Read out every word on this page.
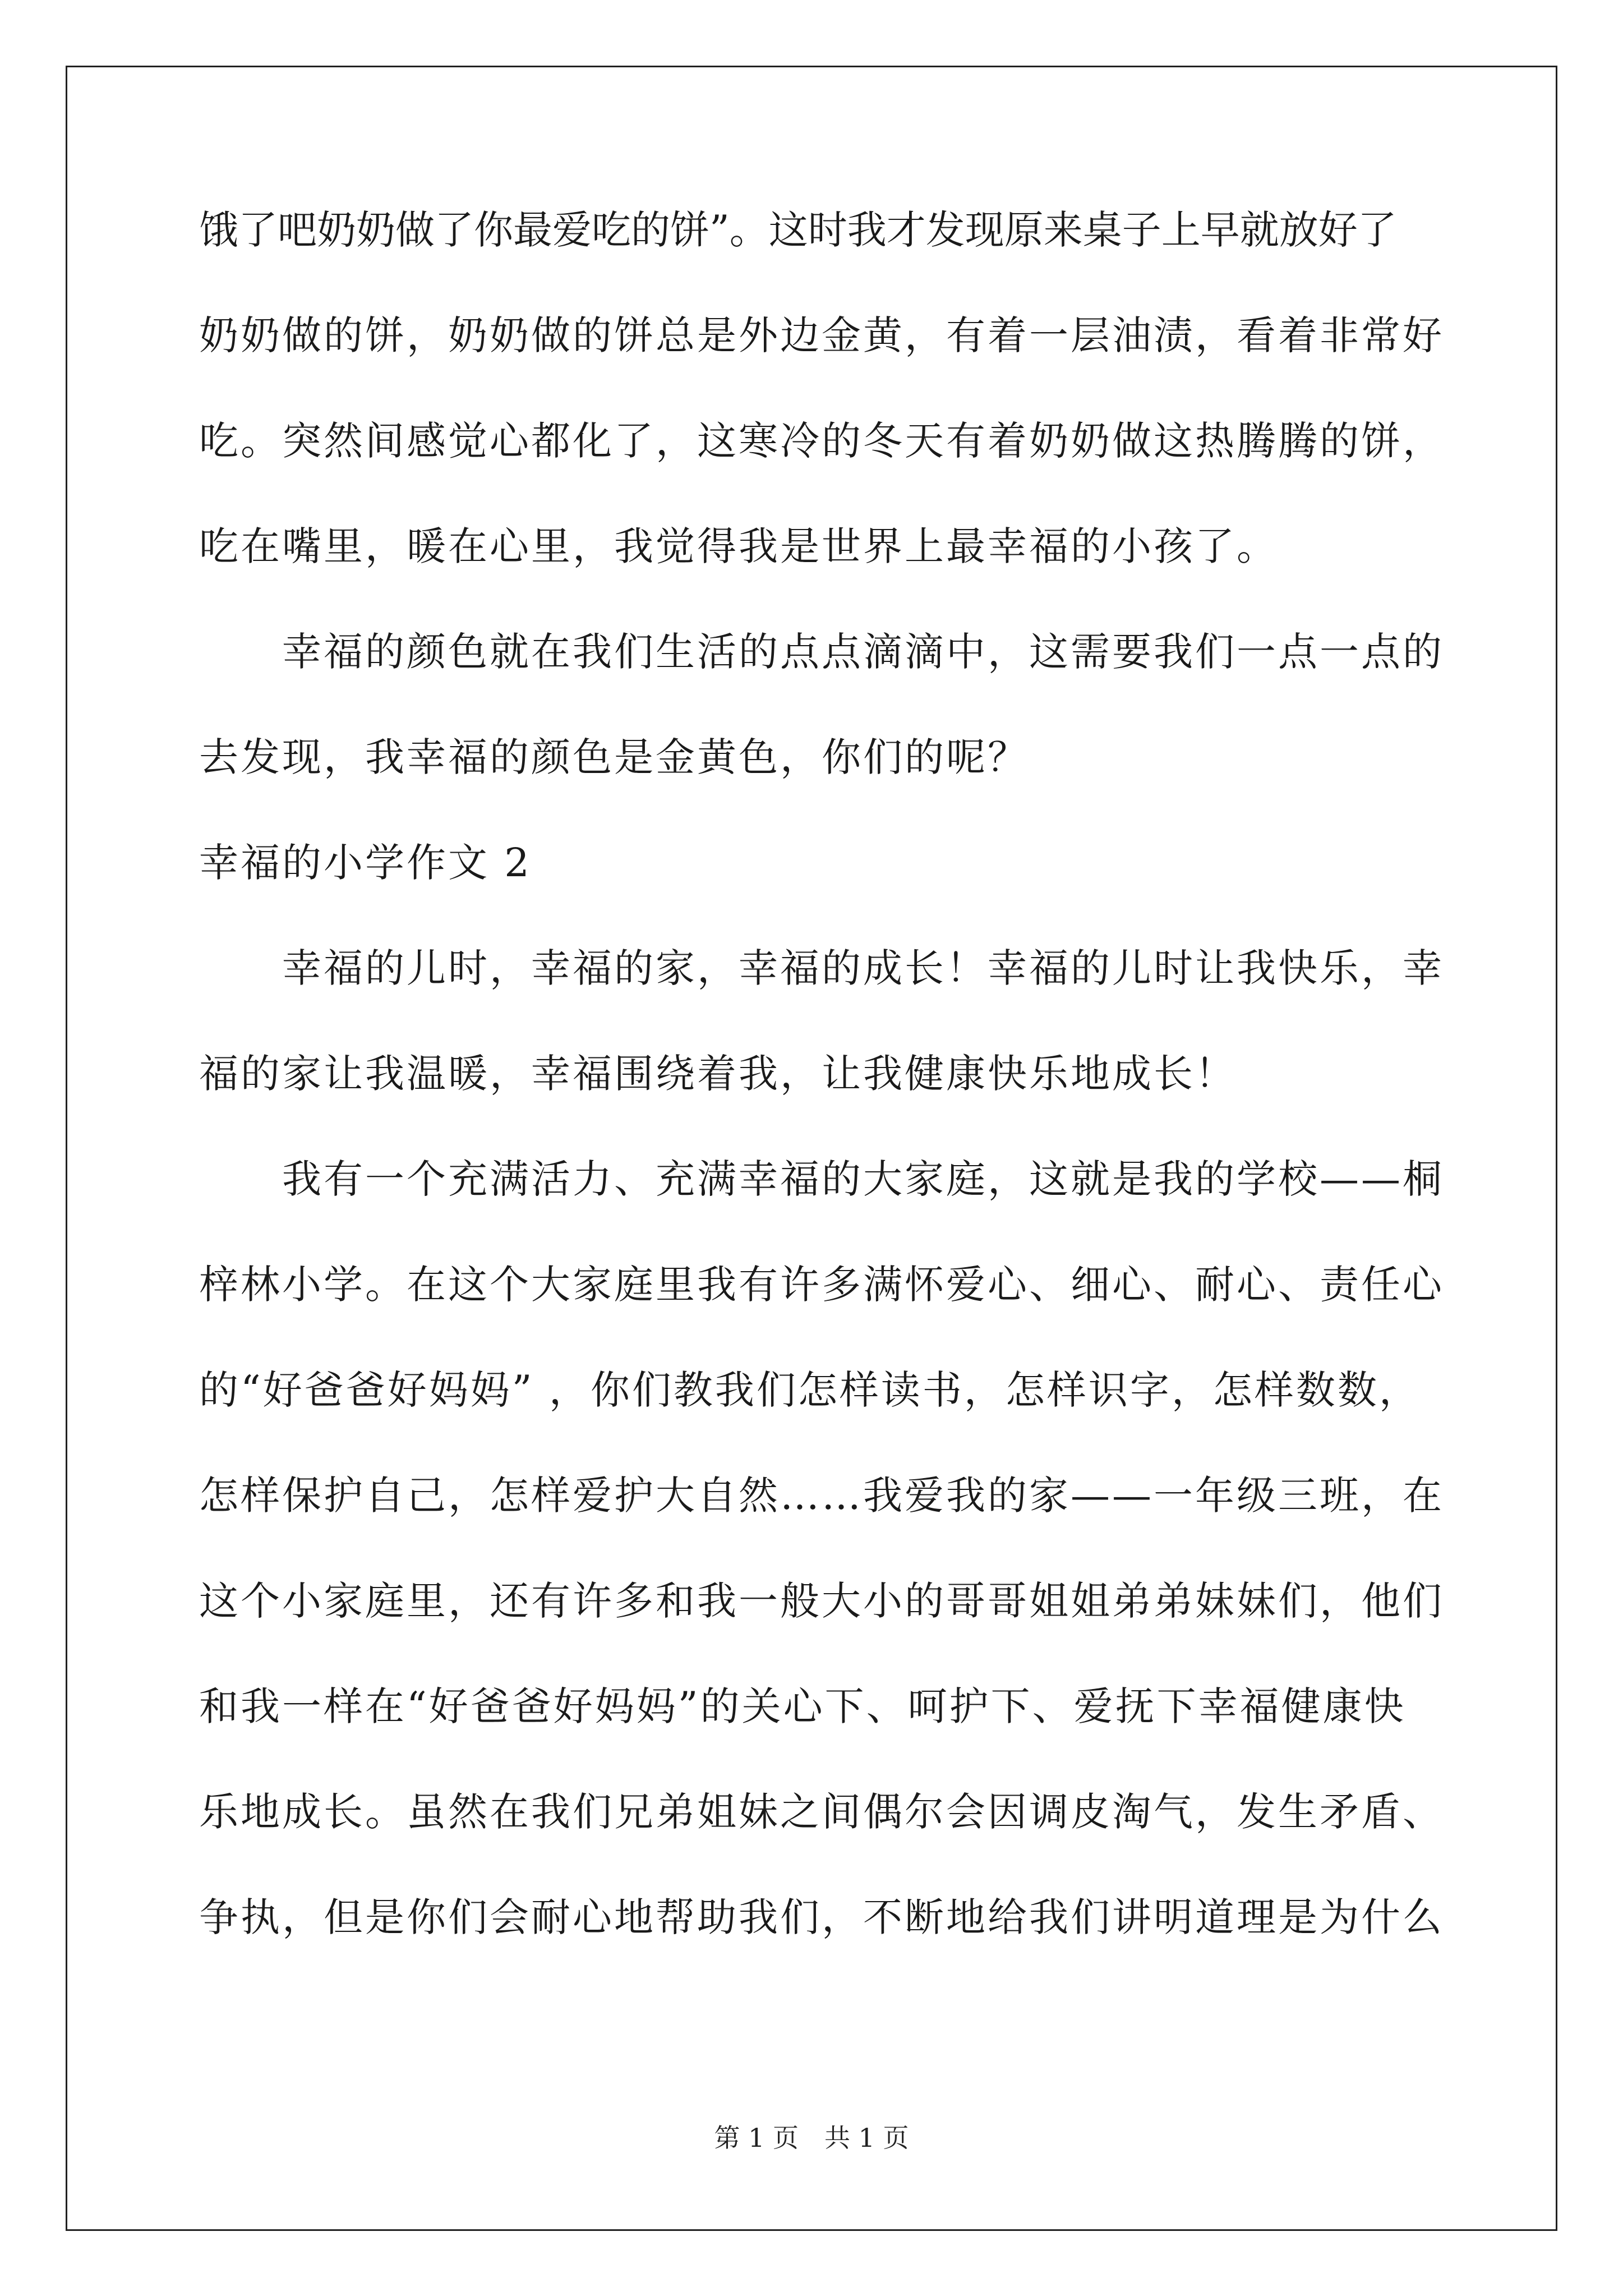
饿了吧奶奶做了你最爱吃的饼”。这时我才发现原来桌子上早就放好了
奶奶做的饼，奶奶做的饼总是外边金黄，有着一层油渍，看着非常好
吃。突然间感觉心都化了，这寒冷的冬天有着奶奶做这热腾腾的饼，
吃在嘴里，暖在心里，我觉得我是世界上最幸福的小孩了。
　　幸福的颜色就在我们生活的点点滴滴中，这需要我们一点一点的
去发现，我幸福的颜色是金黄色，你们的呢？
幸福的小学作文 2
　　幸福的儿时，幸福的家，幸福的成长！幸福的儿时让我快乐，幸
福的家让我温暖，幸福围绕着我，让我健康快乐地成长！
　　我有一个充满活力、充满幸福的大家庭，这就是我的学校——桐
梓林小学。在这个大家庭里我有许多满怀爱心、细心、耐心、责任心
的“好爸爸好妈妈” ，你们教我们怎样读书，怎样识字，怎样数数，
怎样保护自己，怎样爱护大自然……我爱我的家——一年级三班，在
这个小家庭里，还有许多和我一般大小的哥哥姐姐弟弟妹妹们，他们
和我一样在“好爸爸好妈妈”的关心下、呵护下、爱抚下幸福健康快
乐地成长。虽然在我们兄弟姐妹之间偶尔会因调皮淘气，发生矛盾、
争执，但是你们会耐心地帮助我们，不断地给我们讲明道理是为什么
第 1 页　共 1 页
